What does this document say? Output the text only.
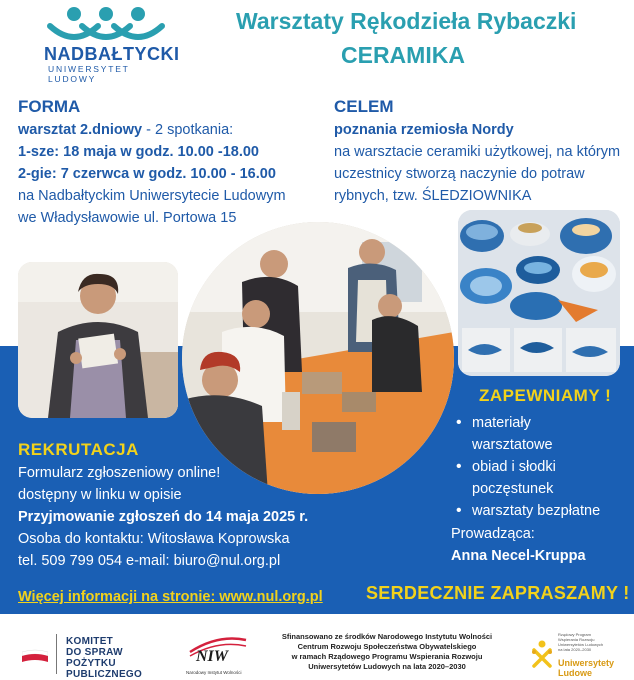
NADBAŁTYCKI
UNIWERSYTET LUDOWY
Warsztaty Rękodzieła Rybaczki
CERAMIKA
FORMA
warsztat 2.dniowy - 2 spotkania:
1-sze: 18 maja w godz. 10.00 -18.00
2-gie: 7 czerwca w godz. 10.00 - 16.00
na Nadbałtyckim Uniwersytecie Ludowym
we Władysławowie ul. Portowa 15
CELEM
poznania rzemiosła Nordy
na warsztacie ceramiki użytkowej, na którym
uczestnicy stworzą naczynie do potraw
rybnych, tzw. ŚLEDZIOWNIKA
ZAPEWNIAMY !
• materiały
warsztatowe
• obiad i słodki
poczęstunek
• warsztaty bezpłatne
Prowadząca:
Anna Necel-Kruppa
REKRUTACJA
Formularz zgłoszeniowy online!
dostępny w linku w opisie
Przyjmowanie zgłoszeń do 14 maja 2025 r.
Osoba do kontaktu: Witosława Koprowska
tel. 509 799 054 e-mail: biuro@nul.org.pl
Więcej informacji na stronie: www.nul.org.pl SERDECZNIE ZAPRASZAMY !
KOMITET
DO SPRAW
POŻYTKU
PUBLICZNEGO
NIW
Narodowy Instytut Wolności
Sfinansowano ze środków Narodowego Instytutu Wolności
Centrum Rozwoju Społeczeństwa Obywatelskiego
w ramach Rządowego Programu Wspierania Rozwoju
Uniwersytetów Ludowych na lata 2020–2030
Rządowy Program
Wspierania Rozwoju
Uniwersytetów Ludowych
na lata 2020–2030
Uniwersytety
Ludowe
